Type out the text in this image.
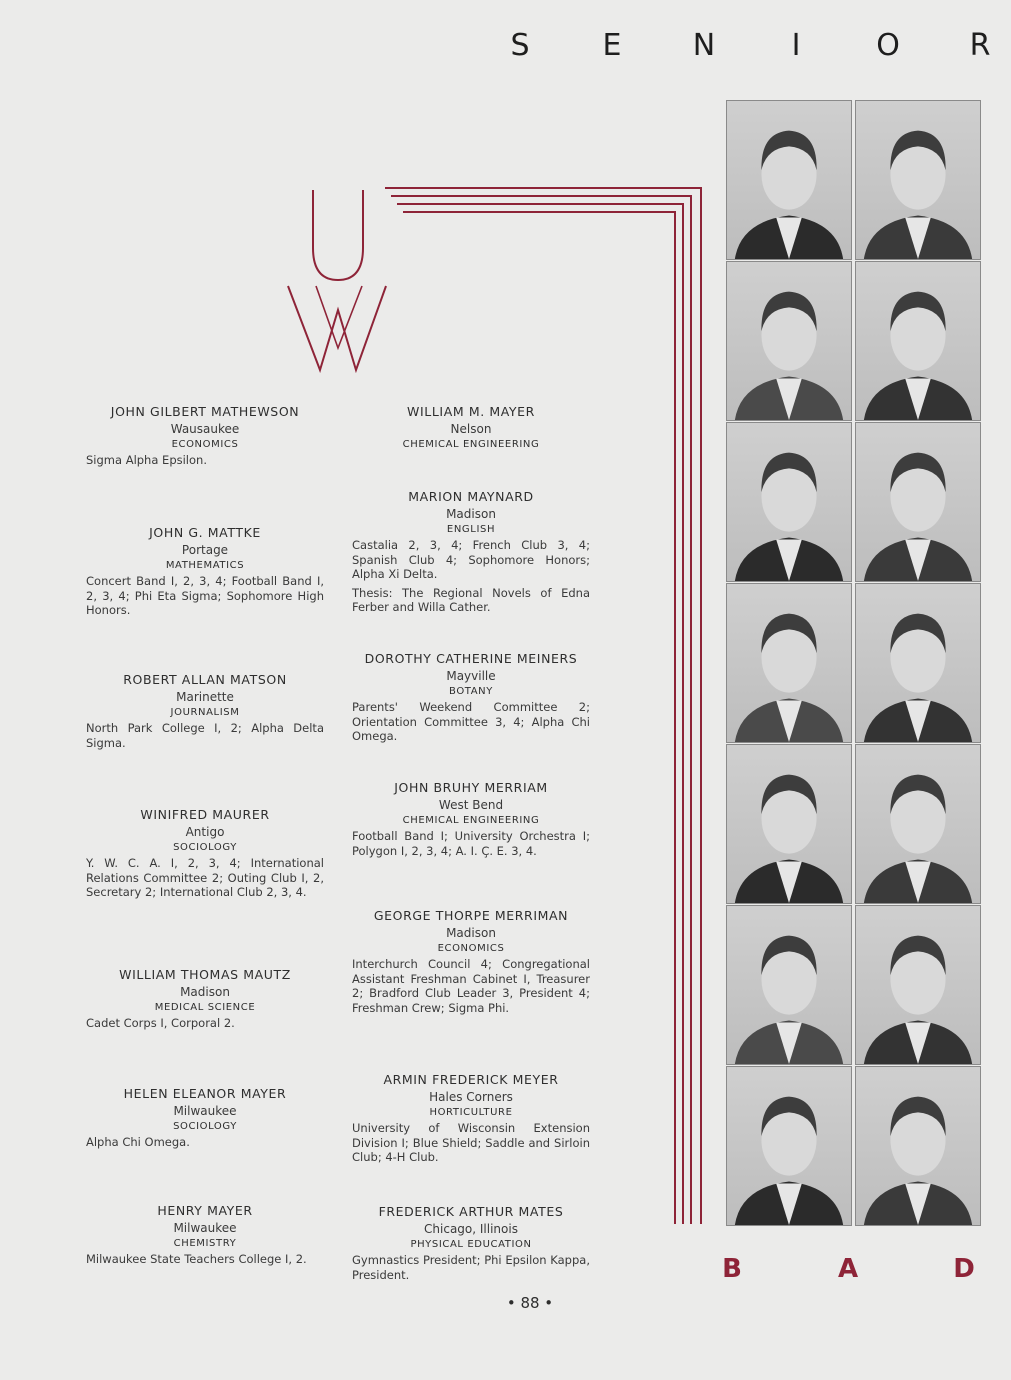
S	E	N	I	O	R
JOHN GILBERT MATHEWSON
Wausaukee
ECONOMICS
Sigma Alpha Epsilon.
JOHN G. MATTKE
Portage
MATHEMATICS
Concert Band I, 2, 3, 4; Football Band I, 2, 3, 4; Phi Eta Sigma; Sophomore High Honors.
ROBERT ALLAN MATSON
Marinette
JOURNALISM
North Park College I, 2; Alpha Delta Sigma.
WINIFRED MAURER
Antigo
SOCIOLOGY
Y. W. C. A. I, 2, 3, 4; International Relations Committee 2; Outing Club I, 2, Secretary 2; International Club 2, 3, 4.
WILLIAM THOMAS MAUTZ
Madison
MEDICAL SCIENCE
Cadet Corps I, Corporal 2.
HELEN ELEANOR MAYER
Milwaukee
SOCIOLOGY
Alpha Chi Omega.
HENRY MAYER
Milwaukee
CHEMISTRY
Milwaukee State Teachers College I, 2.
WILLIAM M. MAYER
Nelson
CHEMICAL ENGINEERING
MARION MAYNARD
Madison
ENGLISH
Castalia 2, 3, 4; French Club 3, 4; Spanish Club 4; Sophomore Honors; Alpha Xi Delta.
Thesis: The Regional Novels of Edna Ferber and Willa Cather.
DOROTHY CATHERINE MEINERS
Mayville
BOTANY
Parents' Weekend Committee 2; Orientation Committee 3, 4; Alpha Chi Omega.
JOHN BRUHY MERRIAM
West Bend
CHEMICAL ENGINEERING
Football Band I; University Orchestra I; Polygon I, 2, 3, 4; A. I. Ç. E. 3, 4.
GEORGE THORPE MERRIMAN
Madison
ECONOMICS
Interchurch Council 4; Congregational Assistant Freshman Cabinet I, Treasurer 2; Bradford Club Leader 3, President 4; Freshman Crew; Sigma Phi.
ARMIN FREDERICK MEYER
Hales Corners
HORTICULTURE
University of Wisconsin Extension Division I; Blue Shield; Saddle and Sirloin Club; 4-H Club.
FREDERICK ARTHUR MATES
Chicago, Illinois
PHYSICAL EDUCATION
Gymnastics President; Phi Epsilon Kappa, President.
• 88 •
B	A	D
